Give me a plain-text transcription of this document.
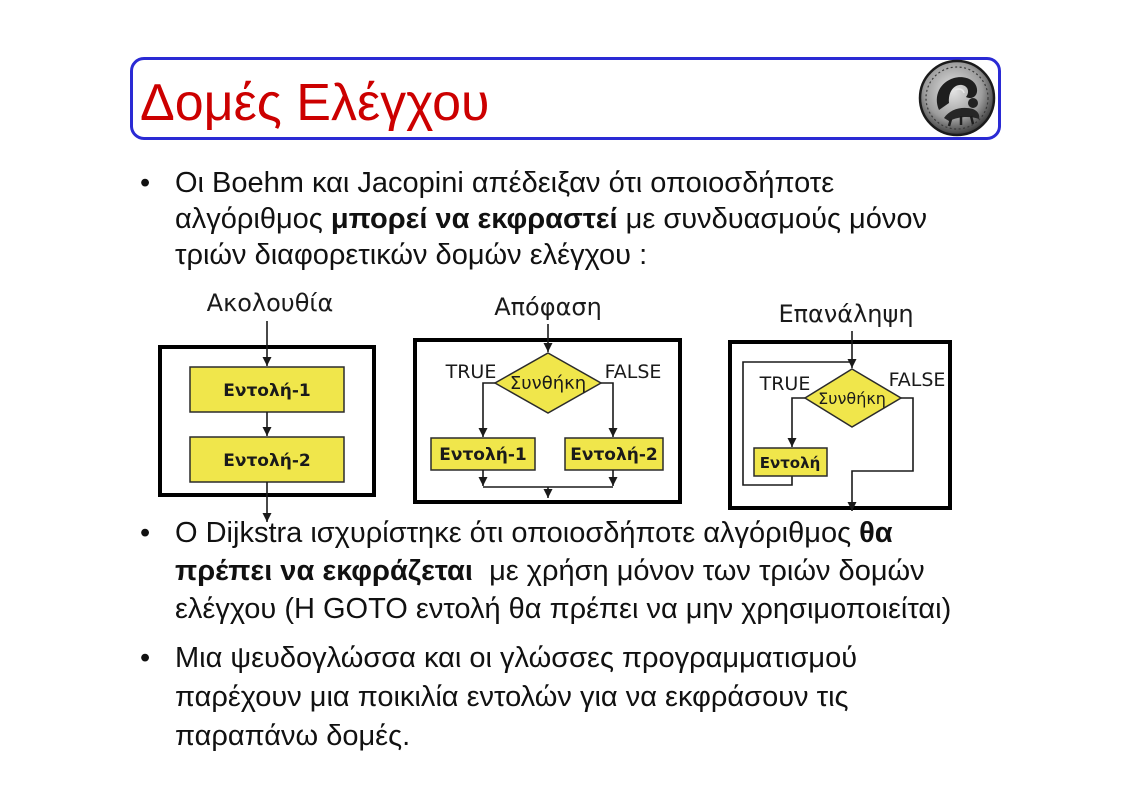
Δομές Ελέγχου
• Οι Boehm και Jacopini απέδειξαν ότι οποιοσδήποτε
αλγόριθμος μπορεί να εκφραστεί με συνδυασμούς μόνον
τριών διαφορετικών δομών ελέγχου :
Ακολουθία
Εντολή-1
Εντολή-2
Απόφαση
Συνθήκη
TRUE	FALSE
Εντολή-1	Εντολή-2
Επανάληψη
Συνθήκη
TRUE	FALSE
Εντολή
• Ο Dijkstra ισχυρίστηκε ότι οποιοσδήποτε αλγόριθμος θα
πρέπει να εκφράζεται  με χρήση μόνον των τριών δομών
ελέγχου (Η GOTO εντολή θα πρέπει να μην χρησιμοποιείται)
• Μια ψευδογλώσσα και οι γλώσσες προγραμματισμού
παρέχουν μια ποικιλία εντολών για να εκφράσουν τις
παραπάνω δομές.
